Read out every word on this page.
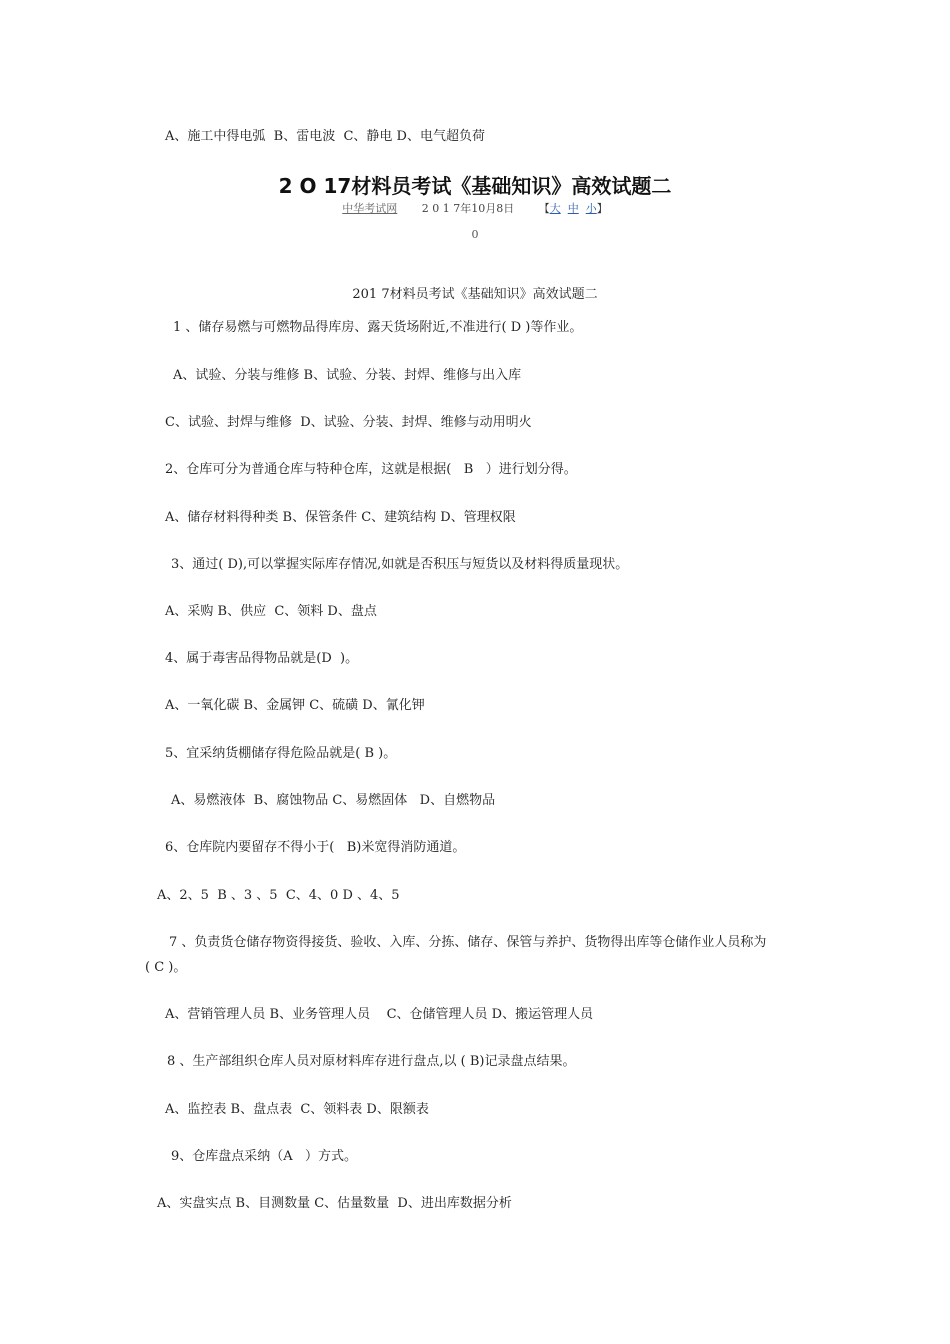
A、施工中得电弧  B、雷电波  C、静电 D、电气超负荷

2 O 17材料员考试《基础知识》高效试题二
中华考试网 2 0 1 7年10月8日 【大 中 小】
0

201 7材料员考试《基础知识》高效试题二

1 、储存易燃与可燃物品得库房、露天货场附近,不准进行( D )等作业。

A、试验、分装与维修 B、试验、分装、封焊、维修与出入库

C、试验、封焊与维修  D、试验、分装、封焊、维修与动用明火

2、仓库可分为普通仓库与特种仓库，这就是根据(   B   ）进行划分得。

A、储存材料得种类 B、保管条件 C、建筑结构 D、管理权限

3、通过( D),可以掌握实际库存情况,如就是否积压与短货以及材料得质量现状。

A、采购 B、供应  C、领料 D、盘点

4、属于毒害品得物品就是(D  )。

A、一氧化碳 B、金属钾 C、硫磺 D、氰化钾

5、宜采纳货棚储存得危险品就是( B )。

A、易燃液体  B、腐蚀物品 C、易燃固体   D、自燃物品

6、仓库院内要留存不得小于(   B)米宽得消防通道。

A、2、5  B 、3 、5  C、4、0 D 、4、5

7 、负责货仓储存物资得接货、验收、入库、分拣、储存、保管与养护、货物得出库等仓储作业人员称为

( C )。

A、营销管理人员 B、业务管理人员    C、仓储管理人员 D、搬运管理人员

8 、生产部组织仓库人员对原材料库存进行盘点,以 ( B)记录盘点结果。

A、监控表 B、盘点表  C、领料表 D、限额表

9、仓库盘点采纳（A   ）方式。

A、实盘实点 B、目测数量 C、估量数量  D、进出库数据分析
